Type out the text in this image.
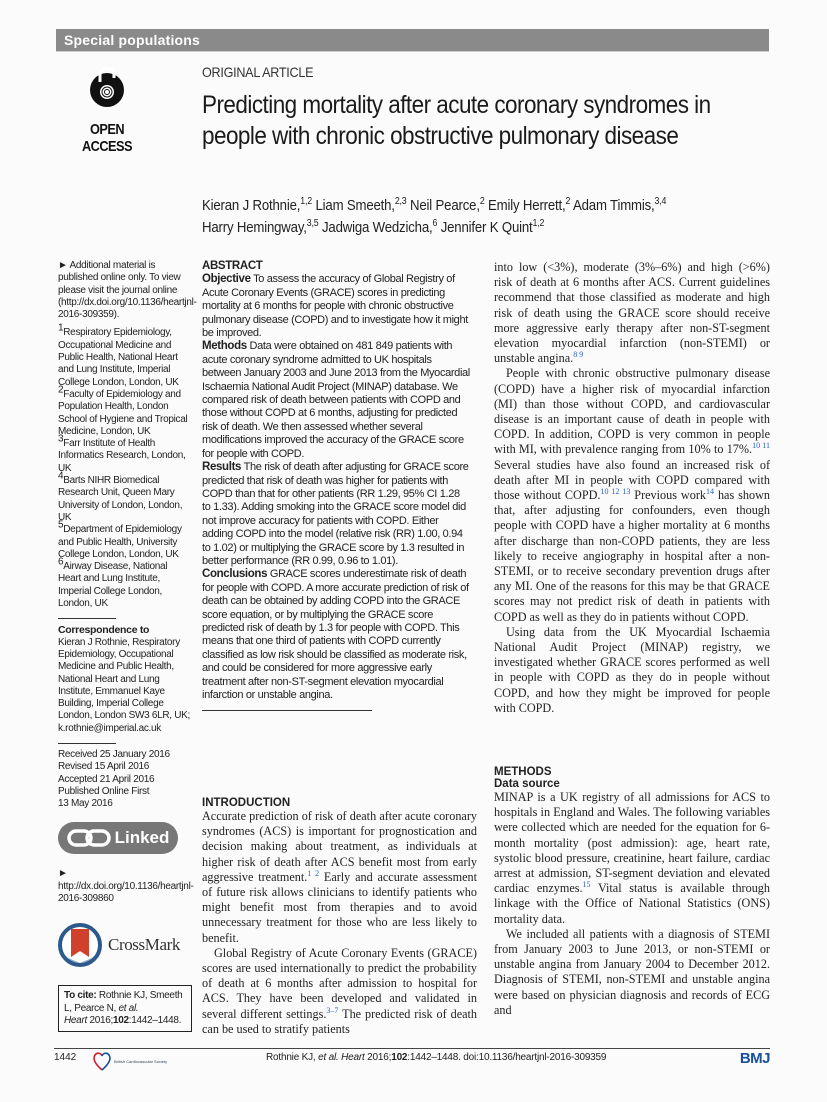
Special populations
OPEN ACCESS
ORIGINAL ARTICLE
Predicting mortality after acute coronary syndromes in people with chronic obstructive pulmonary disease
Kieran J Rothnie,$^{1,2}$ Liam Smeeth,$^{2,3}$ Neil Pearce,$^2$ Emily Herrett,$^2$ Adam Timmis,$^{3,4}$
Harry Hemingway,$^{3,5}$ Jadwiga Wedzicha,$^6$ Jennifer K Quint$^{1,2}$

► Additional material is published online only. To view please visit the journal online (http://dx.doi.org/10.1136/heartjnl-2016-309359).

$^1$Respiratory Epidemiology, Occupational Medicine and Public Health, National Heart and Lung Institute, Imperial College London, London, UK

$^2$Faculty of Epidemiology and Population Health, London School of Hygiene and Tropical Medicine, London, UK

$^3$Farr Institute of Health Informatics Research, London, UK

$^4$Barts NIHR Biomedical Research Unit, Queen Mary University of London, London, UK

$^5$Department of Epidemiology and Public Health, University College London, London, UK

$^6$Airway Disease, National Heart and Lung Institute, Imperial College London, London, UK

Correspondence to

Kieran J Rothnie, Respiratory Epidemiology, Occupational Medicine and Public Health, National Heart and Lung Institute, Emmanuel Kaye Building, Imperial College London, London SW3 6LR, UK; k.rothnie@imperial.ac.uk

Received 25 January 2016
Revised 15 April 2016
Accepted 21 April 2016
Published Online First
13 May 2016
Linked

► http://dx.doi.org/10.1136/heartjnl-2016-309860

CrossMark
To cite: Rothnie KJ, Smeeth L, Pearce N, et al.
Heart 2016;102:1442–1448.
ABSTRACT

Objective To assess the accuracy of Global Registry of Acute Coronary Events (GRACE) scores in predicting mortality at 6 months for people with chronic obstructive pulmonary disease (COPD) and to investigate how it might be improved.

Methods Data were obtained on 481 849 patients with acute coronary syndrome admitted to UK hospitals between January 2003 and June 2013 from the Myocardial Ischaemia National Audit Project (MINAP) database. We compared risk of death between patients with COPD and those without COPD at 6 months, adjusting for predicted risk of death. We then assessed whether several modifications improved the accuracy of the GRACE score for people with COPD.

Results The risk of death after adjusting for GRACE score predicted that risk of death was higher for patients with COPD than that for other patients (RR 1.29, 95% CI 1.28 to 1.33). Adding smoking into the GRACE score model did not improve accuracy for patients with COPD. Either adding COPD into the model (relative risk (RR) 1.00, 0.94 to 1.02) or multiplying the GRACE score by 1.3 resulted in better performance (RR 0.99, 0.96 to 1.01).

Conclusions GRACE scores underestimate risk of death for people with COPD. A more accurate prediction of risk of death can be obtained by adding COPD into the GRACE score equation, or by multiplying the GRACE score predicted risk of death by 1.3 for people with COPD. This means that one third of patients with COPD currently classified as low risk should be classified as moderate risk, and could be considered for more aggressive early treatment after non-ST-segment elevation myocardial infarction or unstable angina.

INTRODUCTION

Accurate prediction of risk of death after acute coronary syndromes (ACS) is important for prognostication and decision making about treatment, as individuals at higher risk of death after ACS benefit most from early aggressive treatment.$^{1 2}$ Early and accurate assessment of future risk allows clinicians to identify patients who might benefit most from therapies and to avoid unnecessary treatment for those who are less likely to benefit.

Global Registry of Acute Coronary Events (GRACE) scores are used internationally to predict the probability of death at 6 months after admission to hospital for ACS. They have been developed and validated in several different settings.$^{3-7}$ The predicted risk of death can be used to stratify patients

into low (<3%), moderate (3%–6%) and high (>6%) risk of death at 6 months after ACS. Current guidelines recommend that those classified as moderate and high risk of death using the GRACE score should receive more aggressive early therapy after non-ST-segment elevation myocardial infarction (non-STEMI) or unstable angina.$^{8 9}$

People with chronic obstructive pulmonary disease (COPD) have a higher risk of myocardial infarction (MI) than those without COPD, and cardiovascular disease is an important cause of death in people with COPD. In addition, COPD is very common in people with MI, with prevalence ranging from 10% to 17%.$^{10 11}$ Several studies have also found an increased risk of death after MI in people with COPD compared with those without COPD.$^{10 12 13}$ Previous work$^{14}$ has shown that, after adjusting for confounders, even though people with COPD have a higher mortality at 6 months after discharge than non-COPD patients, they are less likely to receive angiography in hospital after a non-STEMI, or to receive secondary prevention drugs after any MI. One of the reasons for this may be that GRACE scores may not predict risk of death in patients with COPD as well as they do in patients without COPD.

Using data from the UK Myocardial Ischaemia National Audit Project (MINAP) registry, we investigated whether GRACE scores performed as well in people with COPD as they do in people without COPD, and how they might be improved for people with COPD.

METHODS
Data source

MINAP is a UK registry of all admissions for ACS to hospitals in England and Wales. The following variables were collected which are needed for the equation for 6-month mortality (post admission): age, heart rate, systolic blood pressure, creatinine, heart failure, cardiac arrest at admission, ST-segment deviation and elevated cardiac enzymes.$^{15}$ Vital status is available through linkage with the Office of National Statistics (ONS) mortality data.

We included all patients with a diagnosis of STEMI from January 2003 to June 2013, or non-STEMI or unstable angina from January 2004 to December 2012. Diagnosis of STEMI, non-STEMI and unstable angina were based on physician diagnosis and records of ECG and

1442	British Cardiovascular Society	Rothnie KJ, et al. Heart 2016;102:1442–1448. doi:10.1136/heartjnl-2016-309359	BMJ
